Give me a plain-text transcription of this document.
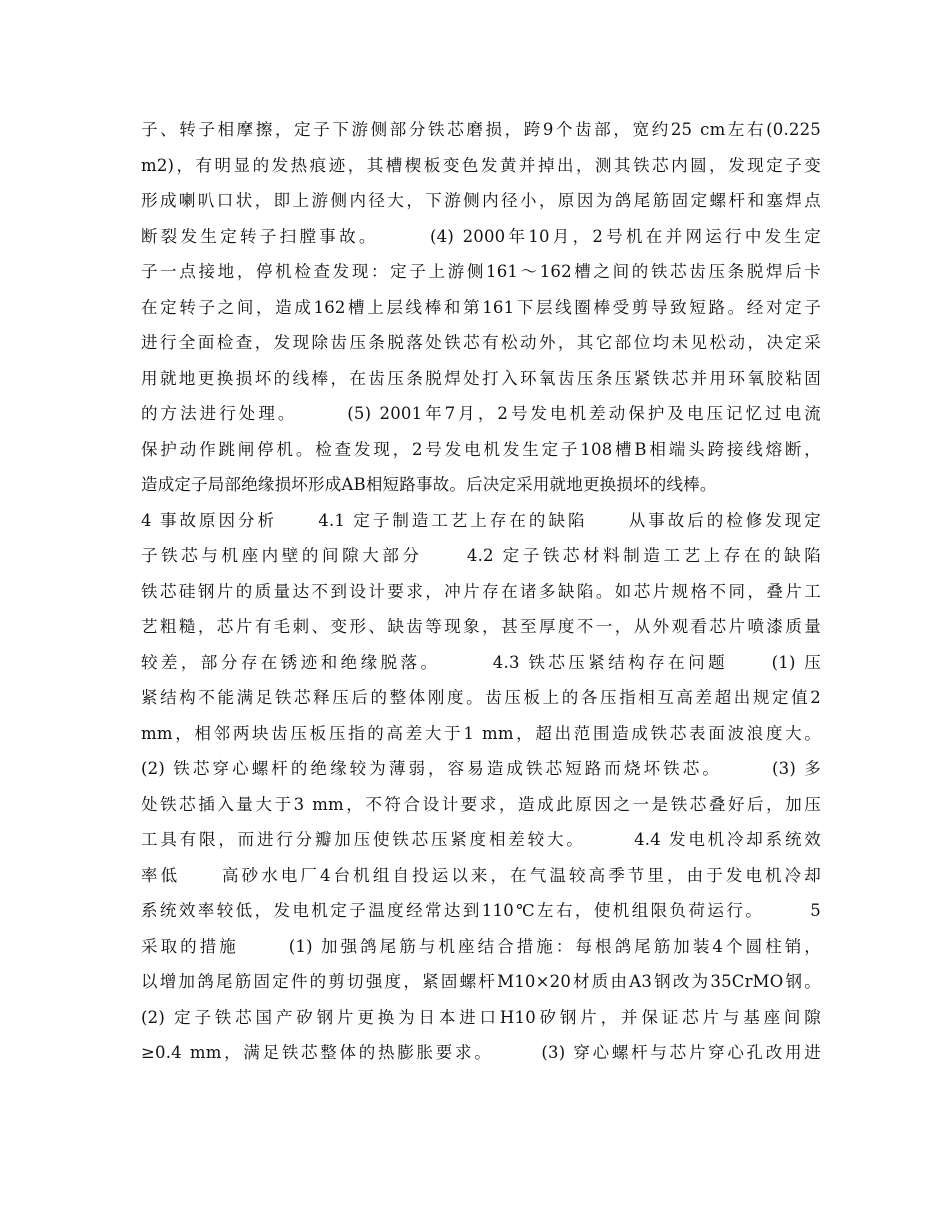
子、转子相摩擦，定子下游侧部分铁芯磨损，跨9个齿部，宽约25 cm左右(0.225
m2)，有明显的发热痕迹，其槽楔板变色发黄并掉出，测其铁芯内圆，发现定子变
形成喇叭口状，即上游侧内径大，下游侧内径小，原因为鸽尾筋固定螺杆和塞焊点
断裂发生定转子扫膛事故。      (4) 2000年10月，2号机在并网运行中发生定
子一点接地，停机检查发现：定子上游侧161～162槽之间的铁芯齿压条脱焊后卡
在定转子之间，造成162槽上层线棒和第161下层线圈棒受剪导致短路。经对定子
进行全面检查，发现除齿压条脱落处铁芯有松动外，其它部位均未见松动，决定采
用就地更换损坏的线棒，在齿压条脱焊处打入环氧齿压条压紧铁芯并用环氧胶粘固
的方法进行处理。      (5) 2001年7月，2号发电机差动保护及电压记忆过电流
保护动作跳闸停机。检查发现，2号发电机发生定子108槽B相端头跨接线熔断，
造成定子局部绝缘损坏形成AB相短路事故。后决定采用就地更换损坏的线棒。
4 事故原因分析     4.1 定子制造工艺上存在的缺陷     从事故后的检修发现定
子铁芯与机座内壁的间隙大部分     4.2 定子铁芯材料制造工艺上存在的缺陷
铁芯硅钢片的质量达不到设计要求，冲片存在诸多缺陷。如芯片规格不同，叠片工
艺粗糙，芯片有毛刺、变形、缺齿等现象，甚至厚度不一，从外观看芯片喷漆质量
较差，部分存在锈迹和绝缘脱落。      4.3 铁芯压紧结构存在问题     (1) 压
紧结构不能满足铁芯释压后的整体刚度。齿压板上的各压指相互高差超出规定值2
mm，相邻两块齿压板压指的高差大于1 mm，超出范围造成铁芯表面波浪度大。
(2) 铁芯穿心螺杆的绝缘较为薄弱，容易造成铁芯短路而烧坏铁芯。      (3) 多
处铁芯插入量大于3 mm，不符合设计要求，造成此原因之一是铁芯叠好后，加压
工具有限，而进行分瓣加压使铁芯压紧度相差较大。      4.4 发电机冷却系统效
率低     高砂水电厂4台机组自投运以来，在气温较高季节里，由于发电机冷却
系统效率较低，发电机定子温度经常达到110℃左右，使机组限负荷运行。      5
采取的措施      (1) 加强鸽尾筋与机座结合措施：每根鸽尾筋加装4个圆柱销，
以增加鸽尾筋固定件的剪切强度，紧固螺杆M10×20材质由A3钢改为35CrMO钢。
(2) 定子铁芯国产矽钢片更换为日本进口H10矽钢片，并保证芯片与基座间隙
≥0.4 mm，满足铁芯整体的热膨胀要求。      (3) 穿心螺杆与芯片穿心孔改用进
